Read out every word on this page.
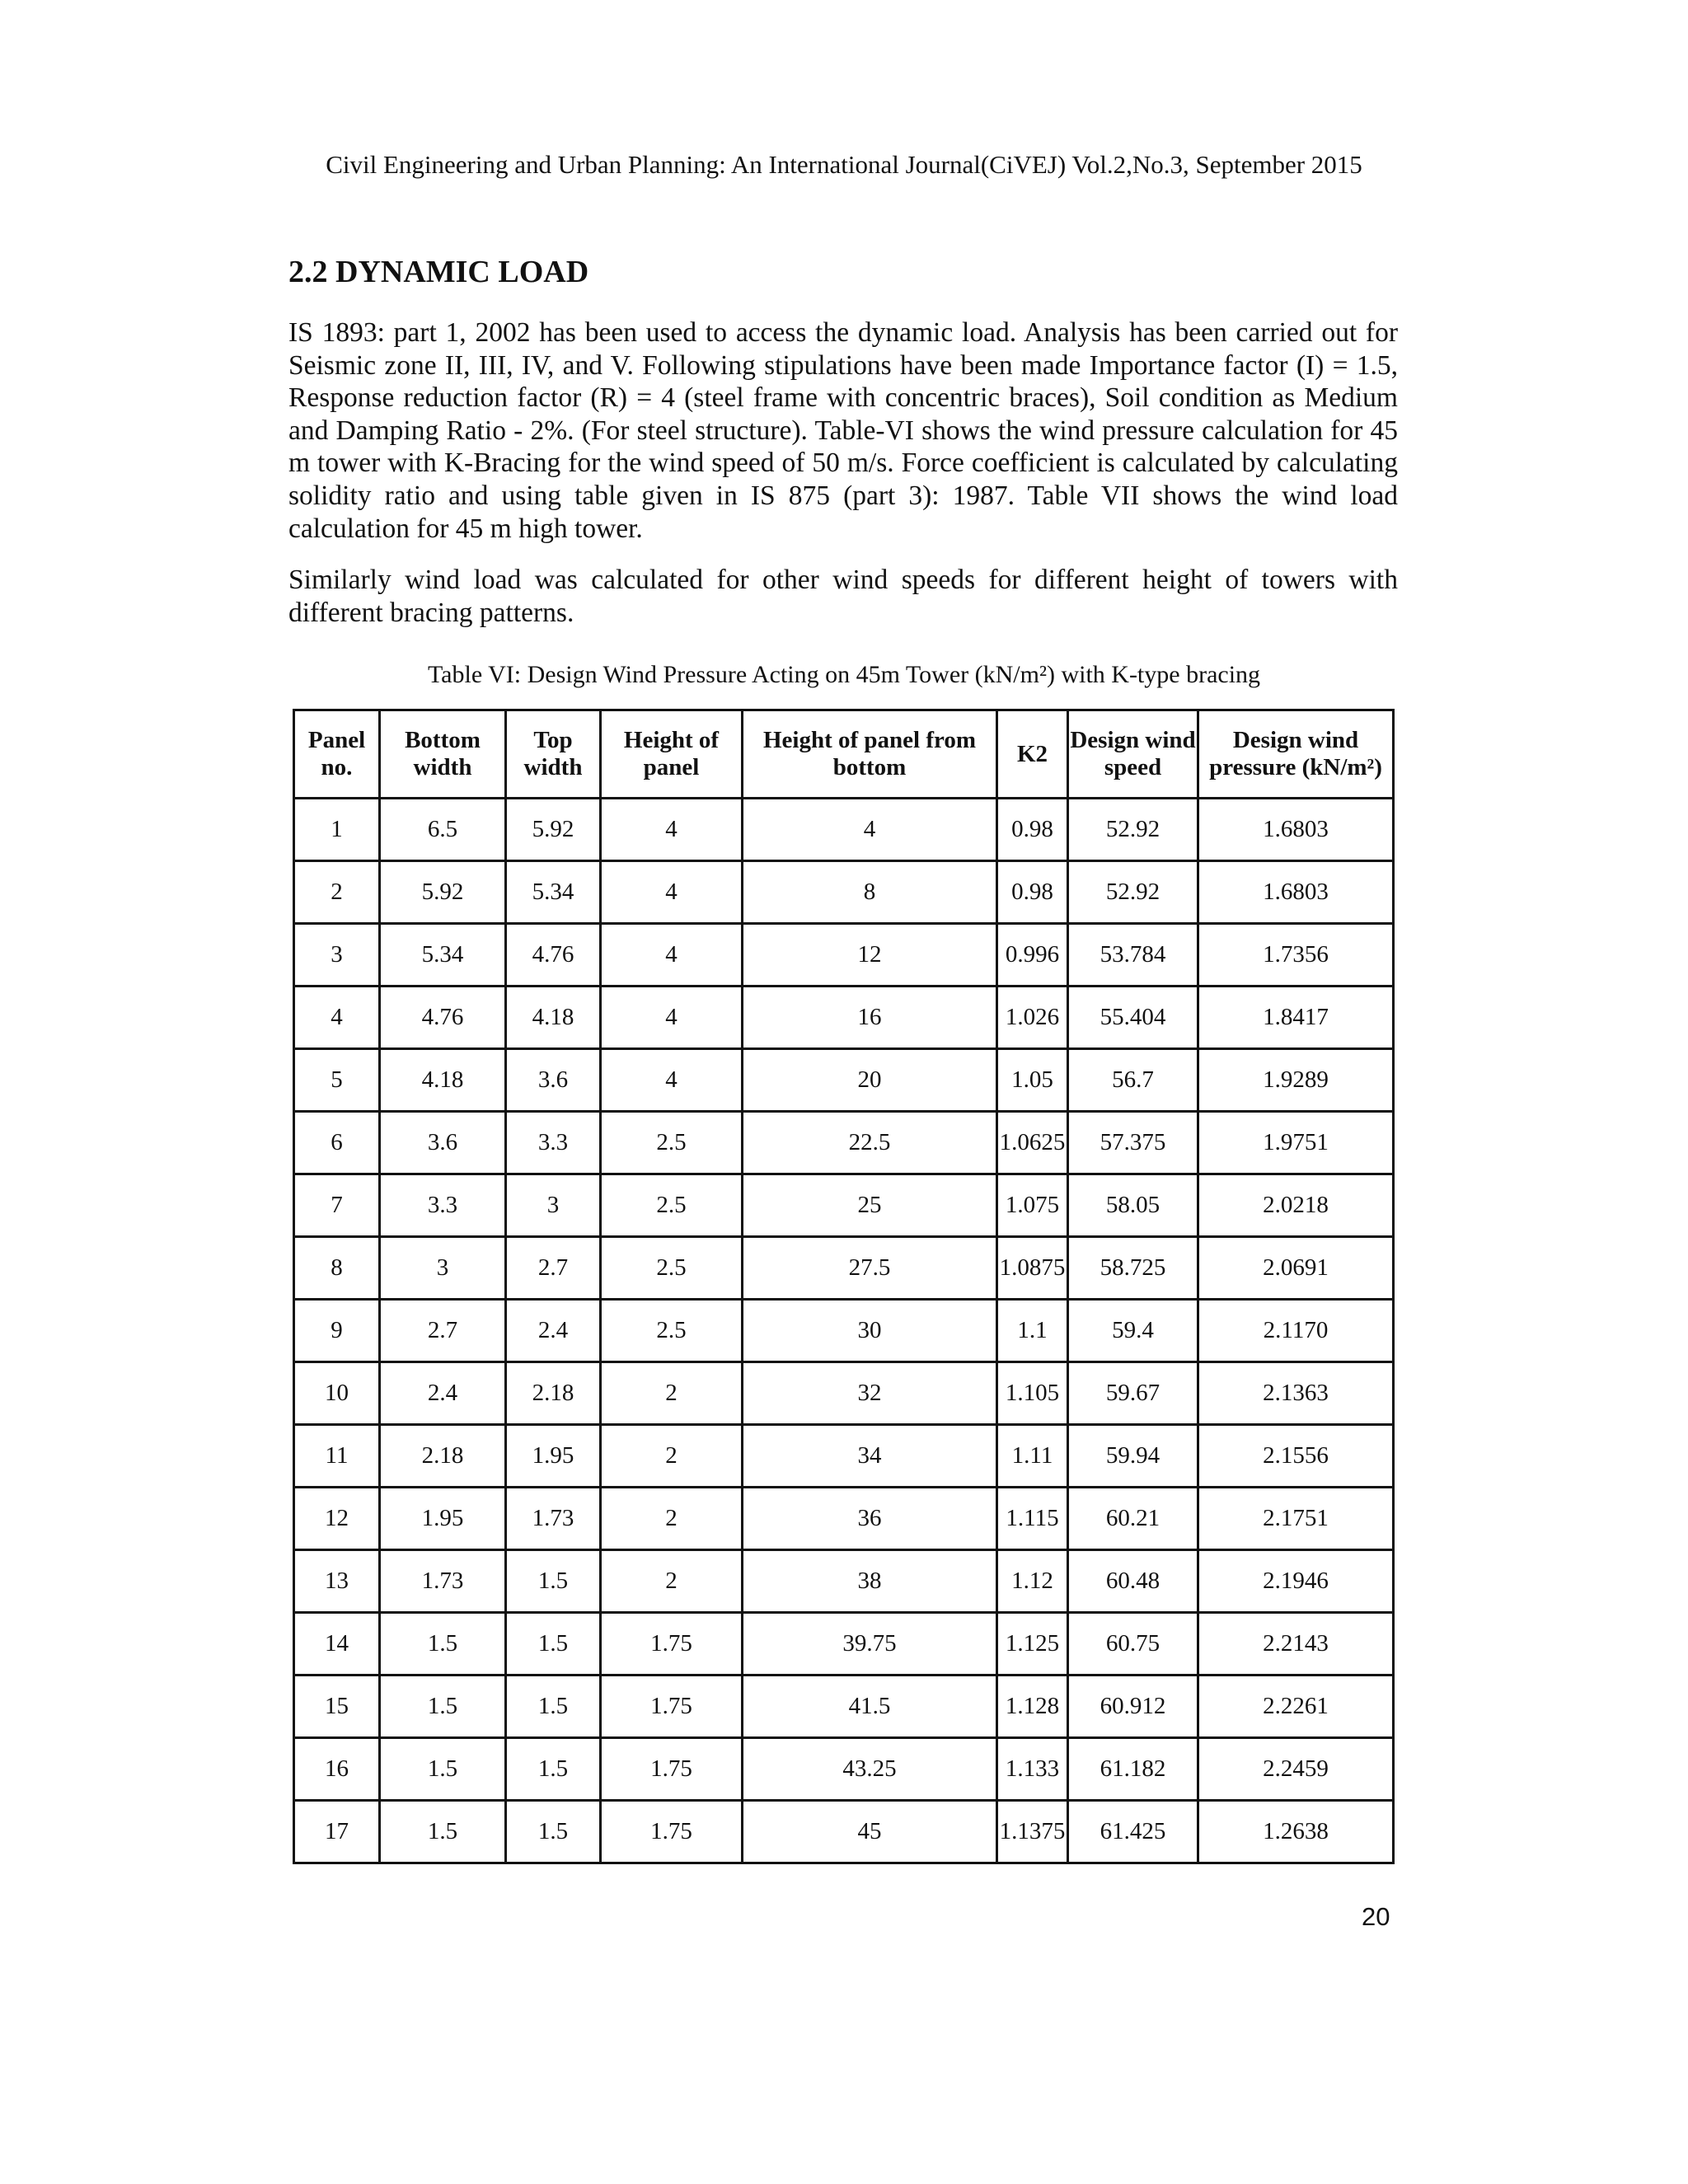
Civil Engineering and Urban Planning: An International Journal(CiVEJ) Vol.2,No.3, September 2015
2.2 DYNAMIC LOAD

IS 1893: part 1, 2002 has been used to access the dynamic load. Analysis has been carried out for Seismic zone II, III, IV, and V. Following stipulations have been made Importance factor (I) = 1.5, Response reduction factor (R) = 4 (steel frame with concentric braces), Soil condition as Medium and Damping Ratio - 2%. (For steel structure). Table-VI shows the wind pressure calculation for 45 m tower with K-Bracing for the wind speed of 50 m/s. Force coefficient is calculated by calculating solidity ratio and using table given in IS 875 (part 3): 1987. Table VII shows the wind load calculation for 45 m high tower.

Similarly wind load was calculated for other wind speeds for different height of towers with different bracing patterns.

Table VI: Design Wind Pressure Acting on 45m Tower (kN/m²) with K-type bracing
Panel no.	Bottom width	Top width	Height of panel	Height of panel from bottom	K2	Design wind speed	Design wind pressure (kN/m²)
1	6.5	5.92	4	4	0.98	52.92	1.6803
2	5.92	5.34	4	8	0.98	52.92	1.6803
3	5.34	4.76	4	12	0.996	53.784	1.7356
4	4.76	4.18	4	16	1.026	55.404	1.8417
5	4.18	3.6	4	20	1.05	56.7	1.9289
6	3.6	3.3	2.5	22.5	1.0625	57.375	1.9751
7	3.3	3	2.5	25	1.075	58.05	2.0218
8	3	2.7	2.5	27.5	1.0875	58.725	2.0691
9	2.7	2.4	2.5	30	1.1	59.4	2.1170
10	2.4	2.18	2	32	1.105	59.67	2.1363
11	2.18	1.95	2	34	1.11	59.94	2.1556
12	1.95	1.73	2	36	1.115	60.21	2.1751
13	1.73	1.5	2	38	1.12	60.48	2.1946
14	1.5	1.5	1.75	39.75	1.125	60.75	2.2143
15	1.5	1.5	1.75	41.5	1.128	60.912	2.2261
16	1.5	1.5	1.75	43.25	1.133	61.182	2.2459
17	1.5	1.5	1.75	45	1.1375	61.425	1.2638
20
